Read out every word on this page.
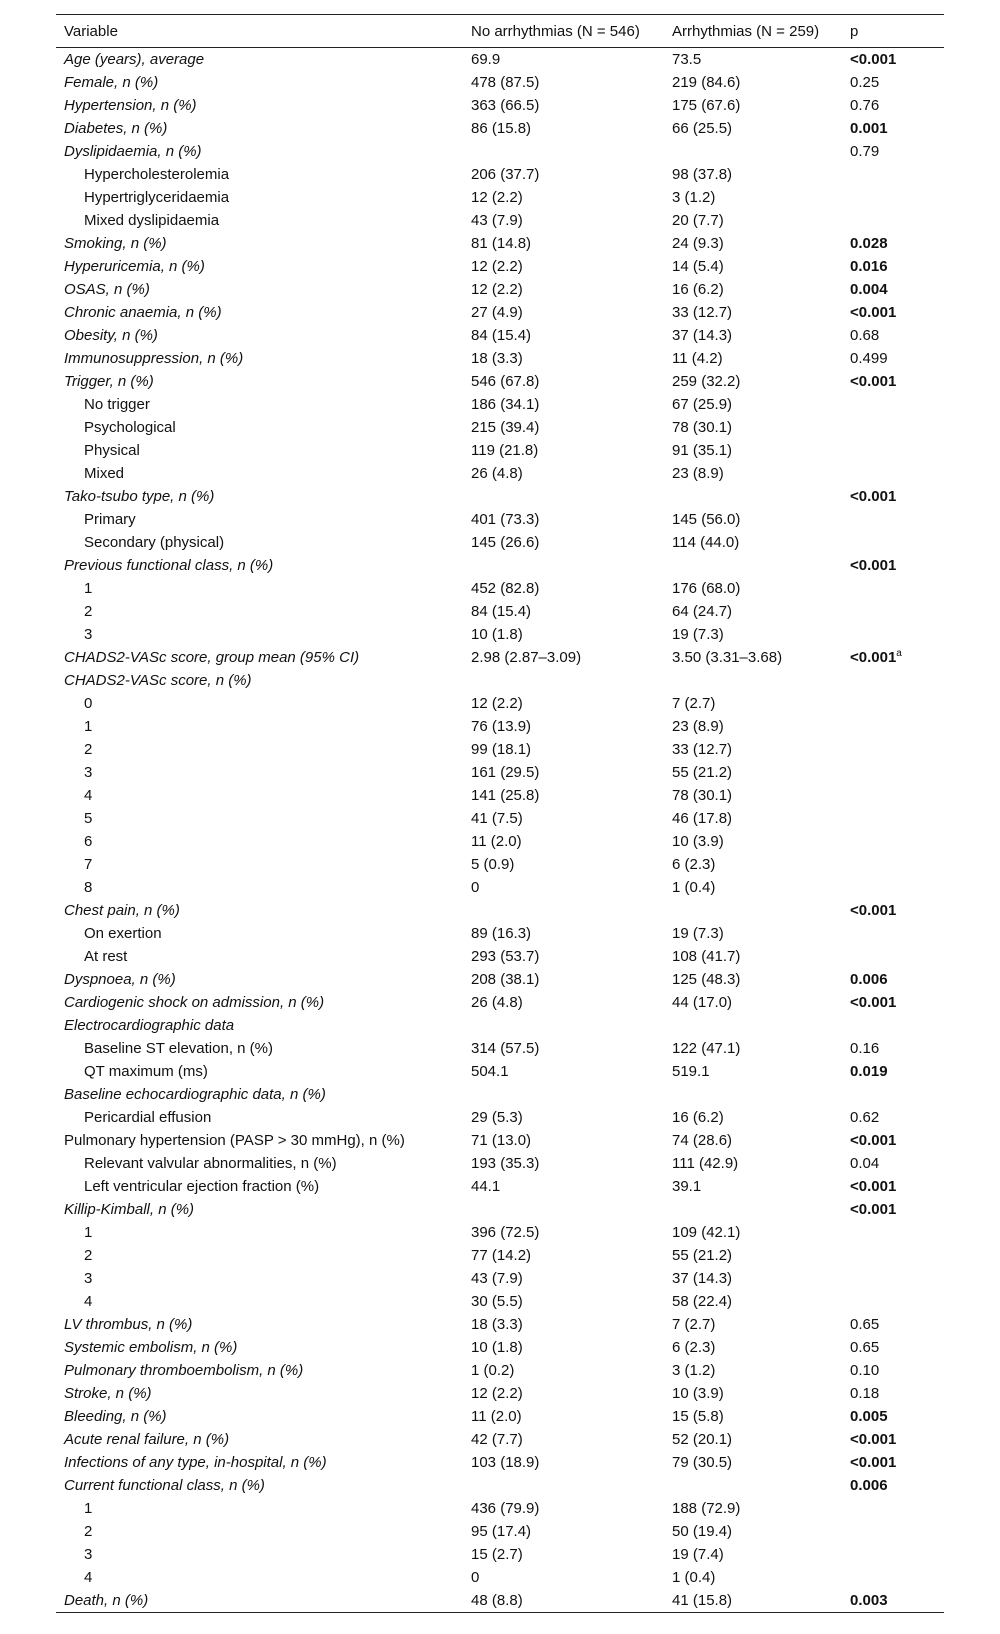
Variable	No arrhythmias (N = 546)	Arrhythmias (N = 259)	p
Age (years), average	69.9	73.5	<0.001
Female, n (%)	478 (87.5)	219 (84.6)	0.25
Hypertension, n (%)	363 (66.5)	175 (67.6)	0.76
Diabetes, n (%)	86 (15.8)	66 (25.5)	0.001
Dyslipidaemia, n (%)			0.79
Hypercholesterolemia	206 (37.7)	98 (37.8)	
Hypertriglyceridaemia	12 (2.2)	3 (1.2)	
Mixed dyslipidaemia	43 (7.9)	20 (7.7)	
Smoking, n (%)	81 (14.8)	24 (9.3)	0.028
Hyperuricemia, n (%)	12 (2.2)	14 (5.4)	0.016
OSAS, n (%)	12 (2.2)	16 (6.2)	0.004
Chronic anaemia, n (%)	27 (4.9)	33 (12.7)	<0.001
Obesity, n (%)	84 (15.4)	37 (14.3)	0.68
Immunosuppression, n (%)	18 (3.3)	11 (4.2)	0.499
Trigger, n (%)	546 (67.8)	259 (32.2)	<0.001
No trigger	186 (34.1)	67 (25.9)	
Psychological	215 (39.4)	78 (30.1)	
Physical	119 (21.8)	91 (35.1)	
Mixed	26 (4.8)	23 (8.9)	
Tako-tsubo type, n (%)			<0.001
Primary	401 (73.3)	145 (56.0)	
Secondary (physical)	145 (26.6)	114 (44.0)	
Previous functional class, n (%)			<0.001
1	452 (82.8)	176 (68.0)	
2	84 (15.4)	64 (24.7)	
3	10 (1.8)	19 (7.3)	
CHADS2-VASc score, group mean (95% CI)	2.98 (2.87–3.09)	3.50 (3.31–3.68)	<0.001$^a$
CHADS2-VASc score, n (%)			
0	12 (2.2)	7 (2.7)	
1	76 (13.9)	23 (8.9)	
2	99 (18.1)	33 (12.7)	
3	161 (29.5)	55 (21.2)	
4	141 (25.8)	78 (30.1)	
5	41 (7.5)	46 (17.8)	
6	11 (2.0)	10 (3.9)	
7	5 (0.9)	6 (2.3)	
8	0	1 (0.4)	
Chest pain, n (%)			<0.001
On exertion	89 (16.3)	19 (7.3)	
At rest	293 (53.7)	108 (41.7)	
Dyspnoea, n (%)	208 (38.1)	125 (48.3)	0.006
Cardiogenic shock on admission, n (%)	26 (4.8)	44 (17.0)	<0.001
Electrocardiographic data			
Baseline ST elevation, n (%)	314 (57.5)	122 (47.1)	0.16
QT maximum (ms)	504.1	519.1	0.019
Baseline echocardiographic data, n (%)			
Pericardial effusion	29 (5.3)	16 (6.2)	0.62
Pulmonary hypertension (PASP > 30 mmHg), n (%)	71 (13.0)	74 (28.6)	<0.001
Relevant valvular abnormalities, n (%)	193 (35.3)	111 (42.9)	0.04
Left ventricular ejection fraction (%)	44.1	39.1	<0.001
Killip-Kimball, n (%)			<0.001
1	396 (72.5)	109 (42.1)	
2	77 (14.2)	55 (21.2)	
3	43 (7.9)	37 (14.3)	
4	30 (5.5)	58 (22.4)	
LV thrombus, n (%)	18 (3.3)	7 (2.7)	0.65
Systemic embolism, n (%)	10 (1.8)	6 (2.3)	0.65
Pulmonary thromboembolism, n (%)	1 (0.2)	3 (1.2)	0.10
Stroke, n (%)	12 (2.2)	10 (3.9)	0.18
Bleeding, n (%)	11 (2.0)	15 (5.8)	0.005
Acute renal failure, n (%)	42 (7.7)	52 (20.1)	<0.001
Infections of any type, in-hospital, n (%)	103 (18.9)	79 (30.5)	<0.001
Current functional class, n (%)			0.006
1	436 (79.9)	188 (72.9)	
2	95 (17.4)	50 (19.4)	
3	15 (2.7)	19 (7.4)	
4	0	1 (0.4)	
Death, n (%)	48 (8.8)	41 (15.8)	0.003
